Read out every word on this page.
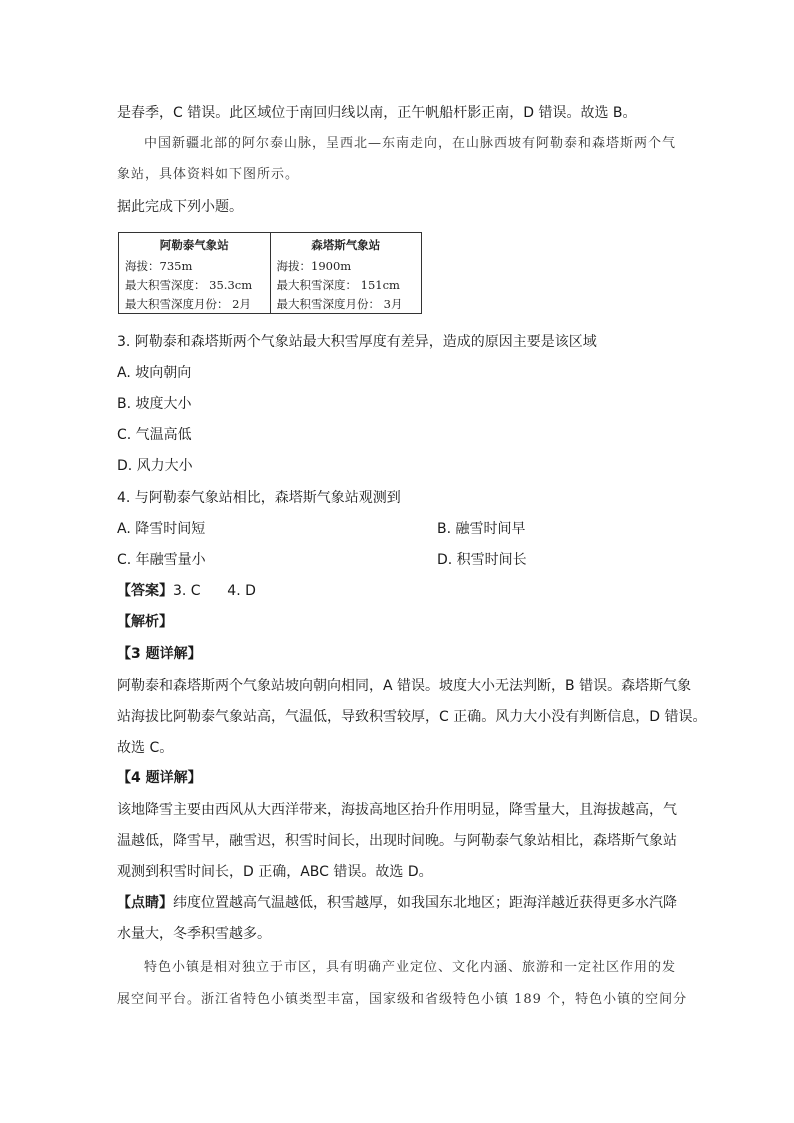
是春季，C 错误。此区域位于南回归线以南，正午帆船杆影正南，D 错误。故选 B。
中国新疆北部的阿尔泰山脉，呈西北—东南走向，在山脉西坡有阿勒泰和森塔斯两个气
象站，具体资料如下图所示。
据此完成下列小题。
阿勒泰气象站
海拔：735m
最大积雪深度： 35.3cm
最大积雪深度月份： 2月
森塔斯气象站
海拔：1900m
最大积雪深度： 151cm
最大积雪深度月份： 3月
3. 阿勒泰和森塔斯两个气象站最大积雪厚度有差异，造成的原因主要是该区域
A. 坡向朝向
B. 坡度大小
C. 气温高低
D. 风力大小
4. 与阿勒泰气象站相比，森塔斯气象站观测到
A. 降雪时间短	B. 融雪时间早
C. 年融雪量小	D. 积雪时间长
【答案】3. C      4. D
【解析】
【3 题详解】
阿勒泰和森塔斯两个气象站坡向朝向相同，A 错误。坡度大小无法判断，B 错误。森塔斯气象
站海拔比阿勒泰气象站高，气温低，导致积雪较厚，C 正确。风力大小没有判断信息，D 错误。
故选 C。
【4 题详解】
该地降雪主要由西风从大西洋带来，海拔高地区抬升作用明显，降雪量大，且海拔越高，气
温越低，降雪早，融雪迟，积雪时间长，出现时间晚。与阿勒泰气象站相比，森塔斯气象站
观测到积雪时间长，D 正确，ABC 错误。故选 D。
【点睛】纬度位置越高气温越低，积雪越厚，如我国东北地区；距海洋越近获得更多水汽降
水量大，冬季积雪越多。
特色小镇是相对独立于市区，具有明确产业定位、文化内涵、旅游和一定社区作用的发
展空间平台。浙江省特色小镇类型丰富，国家级和省级特色小镇 189 个，特色小镇的空间分
